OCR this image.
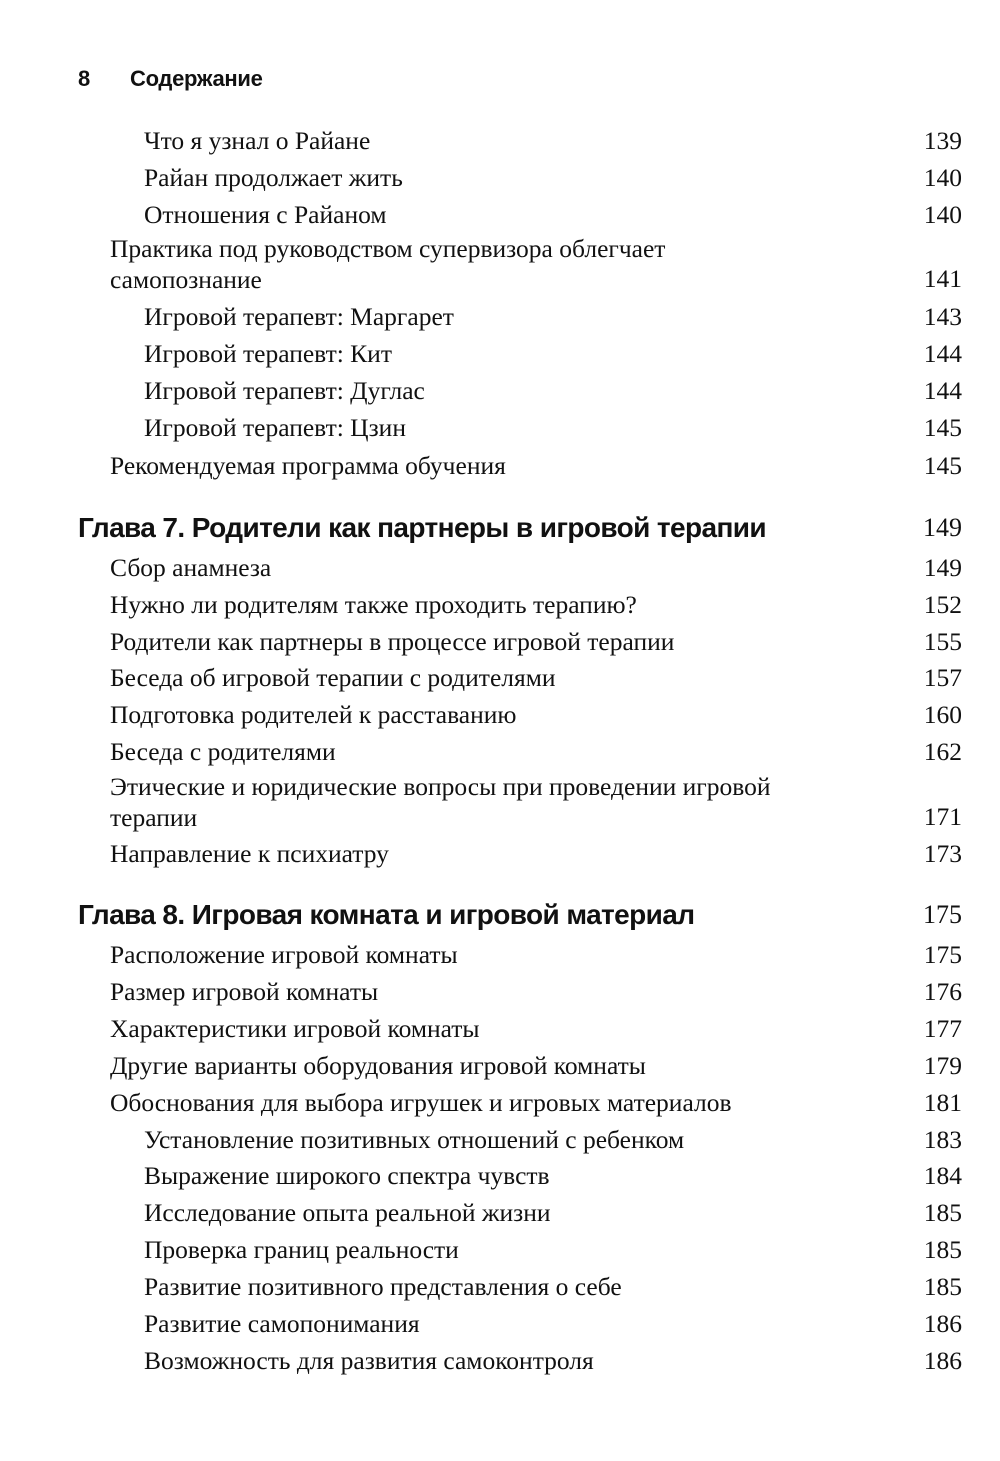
8 Содержание
Что я узнал о Райане	139
Райан продолжает жить	140
Отношения с Райаном	140
Практика под руководством супервизора облегчает самопознание	141
Игровой терапевт: Маргарет	143
Игровой терапевт: Кит	144
Игровой терапевт: Дуглас	144
Игровой терапевт: Цзин	145
Рекомендуемая программа обучения	145
Глава 7. Родители как партнеры в игровой терапии	149
Сбор анамнеза	149
Нужно ли родителям также проходить терапию?	152
Родители как партнеры в процессе игровой терапии	155
Беседа об игровой терапии с родителями	157
Подготовка родителей к расставанию	160
Беседа с родителями	162
Этические и юридические вопросы при проведении игровой терапии	171
Направление к психиатру	173
Глава 8. Игровая комната и игровой материал	175
Расположение игровой комнаты	175
Размер игровой комнаты	176
Характеристики игровой комнаты	177
Другие варианты оборудования игровой комнаты	179
Обоснования для выбора игрушек и игровых материалов	181
Установление позитивных отношений с ребенком	183
Выражение широкого спектра чувств	184
Исследование опыта реальной жизни	185
Проверка границ реальности	185
Развитие позитивного представления о себе	185
Развитие самопонимания	186
Возможность для развития самоконтроля	186
